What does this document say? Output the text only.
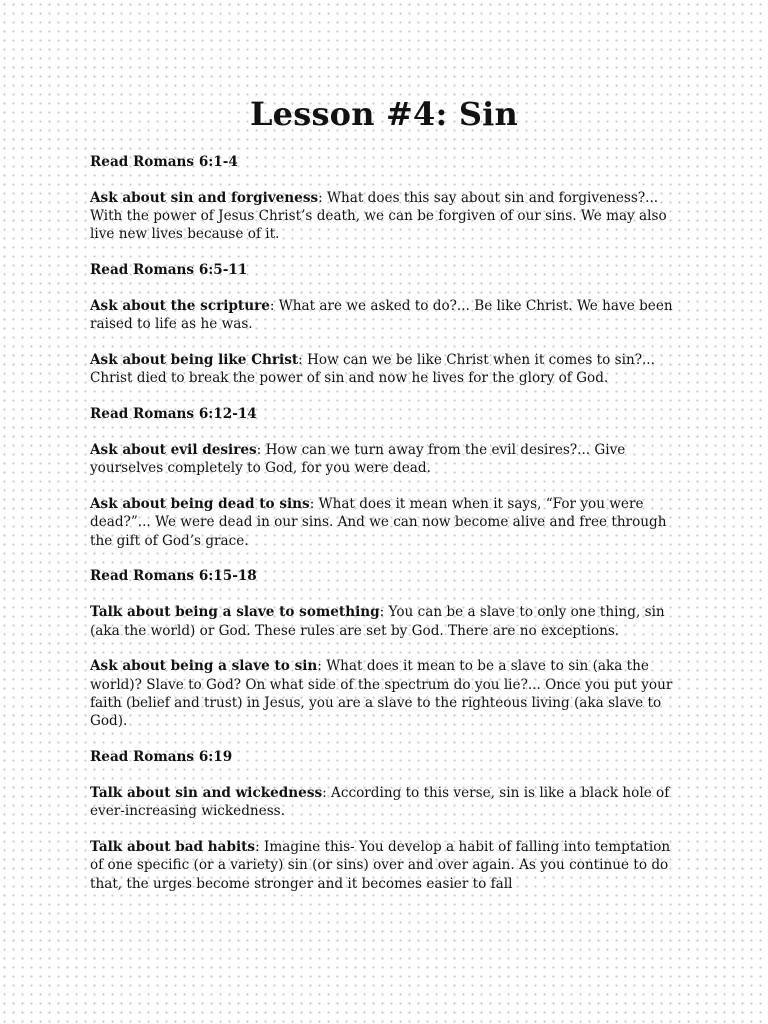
Lesson #4: Sin

Read Romans 6:1-4

Ask about sin and forgiveness: What does this say about sin and forgiveness?... With the power of Jesus Christ’s death, we can be forgiven of our sins. We may also live new lives because of it.

Read Romans 6:5-11

Ask about the scripture: What are we asked to do?... Be like Christ. We have been raised to life as he was.

Ask about being like Christ: How can we be like Christ when it comes to sin?... Christ died to break the power of sin and now he lives for the glory of God.

Read Romans 6:12-14

Ask about evil desires: How can we turn away from the evil desires?... Give yourselves completely to God, for you were dead.

Ask about being dead to sins: What does it mean when it says, “For you were dead?”... We were dead in our sins. And we can now become alive and free through the gift of God’s grace.

Read Romans 6:15-18

Talk about being a slave to something: You can be a slave to only one thing, sin (aka the world) or God. These rules are set by God. There are no exceptions.

Ask about being a slave to sin: What does it mean to be a slave to sin (aka the world)? Slave to God? On what side of the spectrum do you lie?... Once you put your faith (belief and trust) in Jesus, you are a slave to the righteous living (aka slave to God).

Read Romans 6:19

Talk about sin and wickedness: According to this verse, sin is like a black hole of ever-increasing wickedness.

Talk about bad habits: Imagine this- You develop a habit of falling into temptation of one specific (or a variety) sin (or sins) over and over again. As you continue to do that, the urges become stronger and it becomes easier to fall
